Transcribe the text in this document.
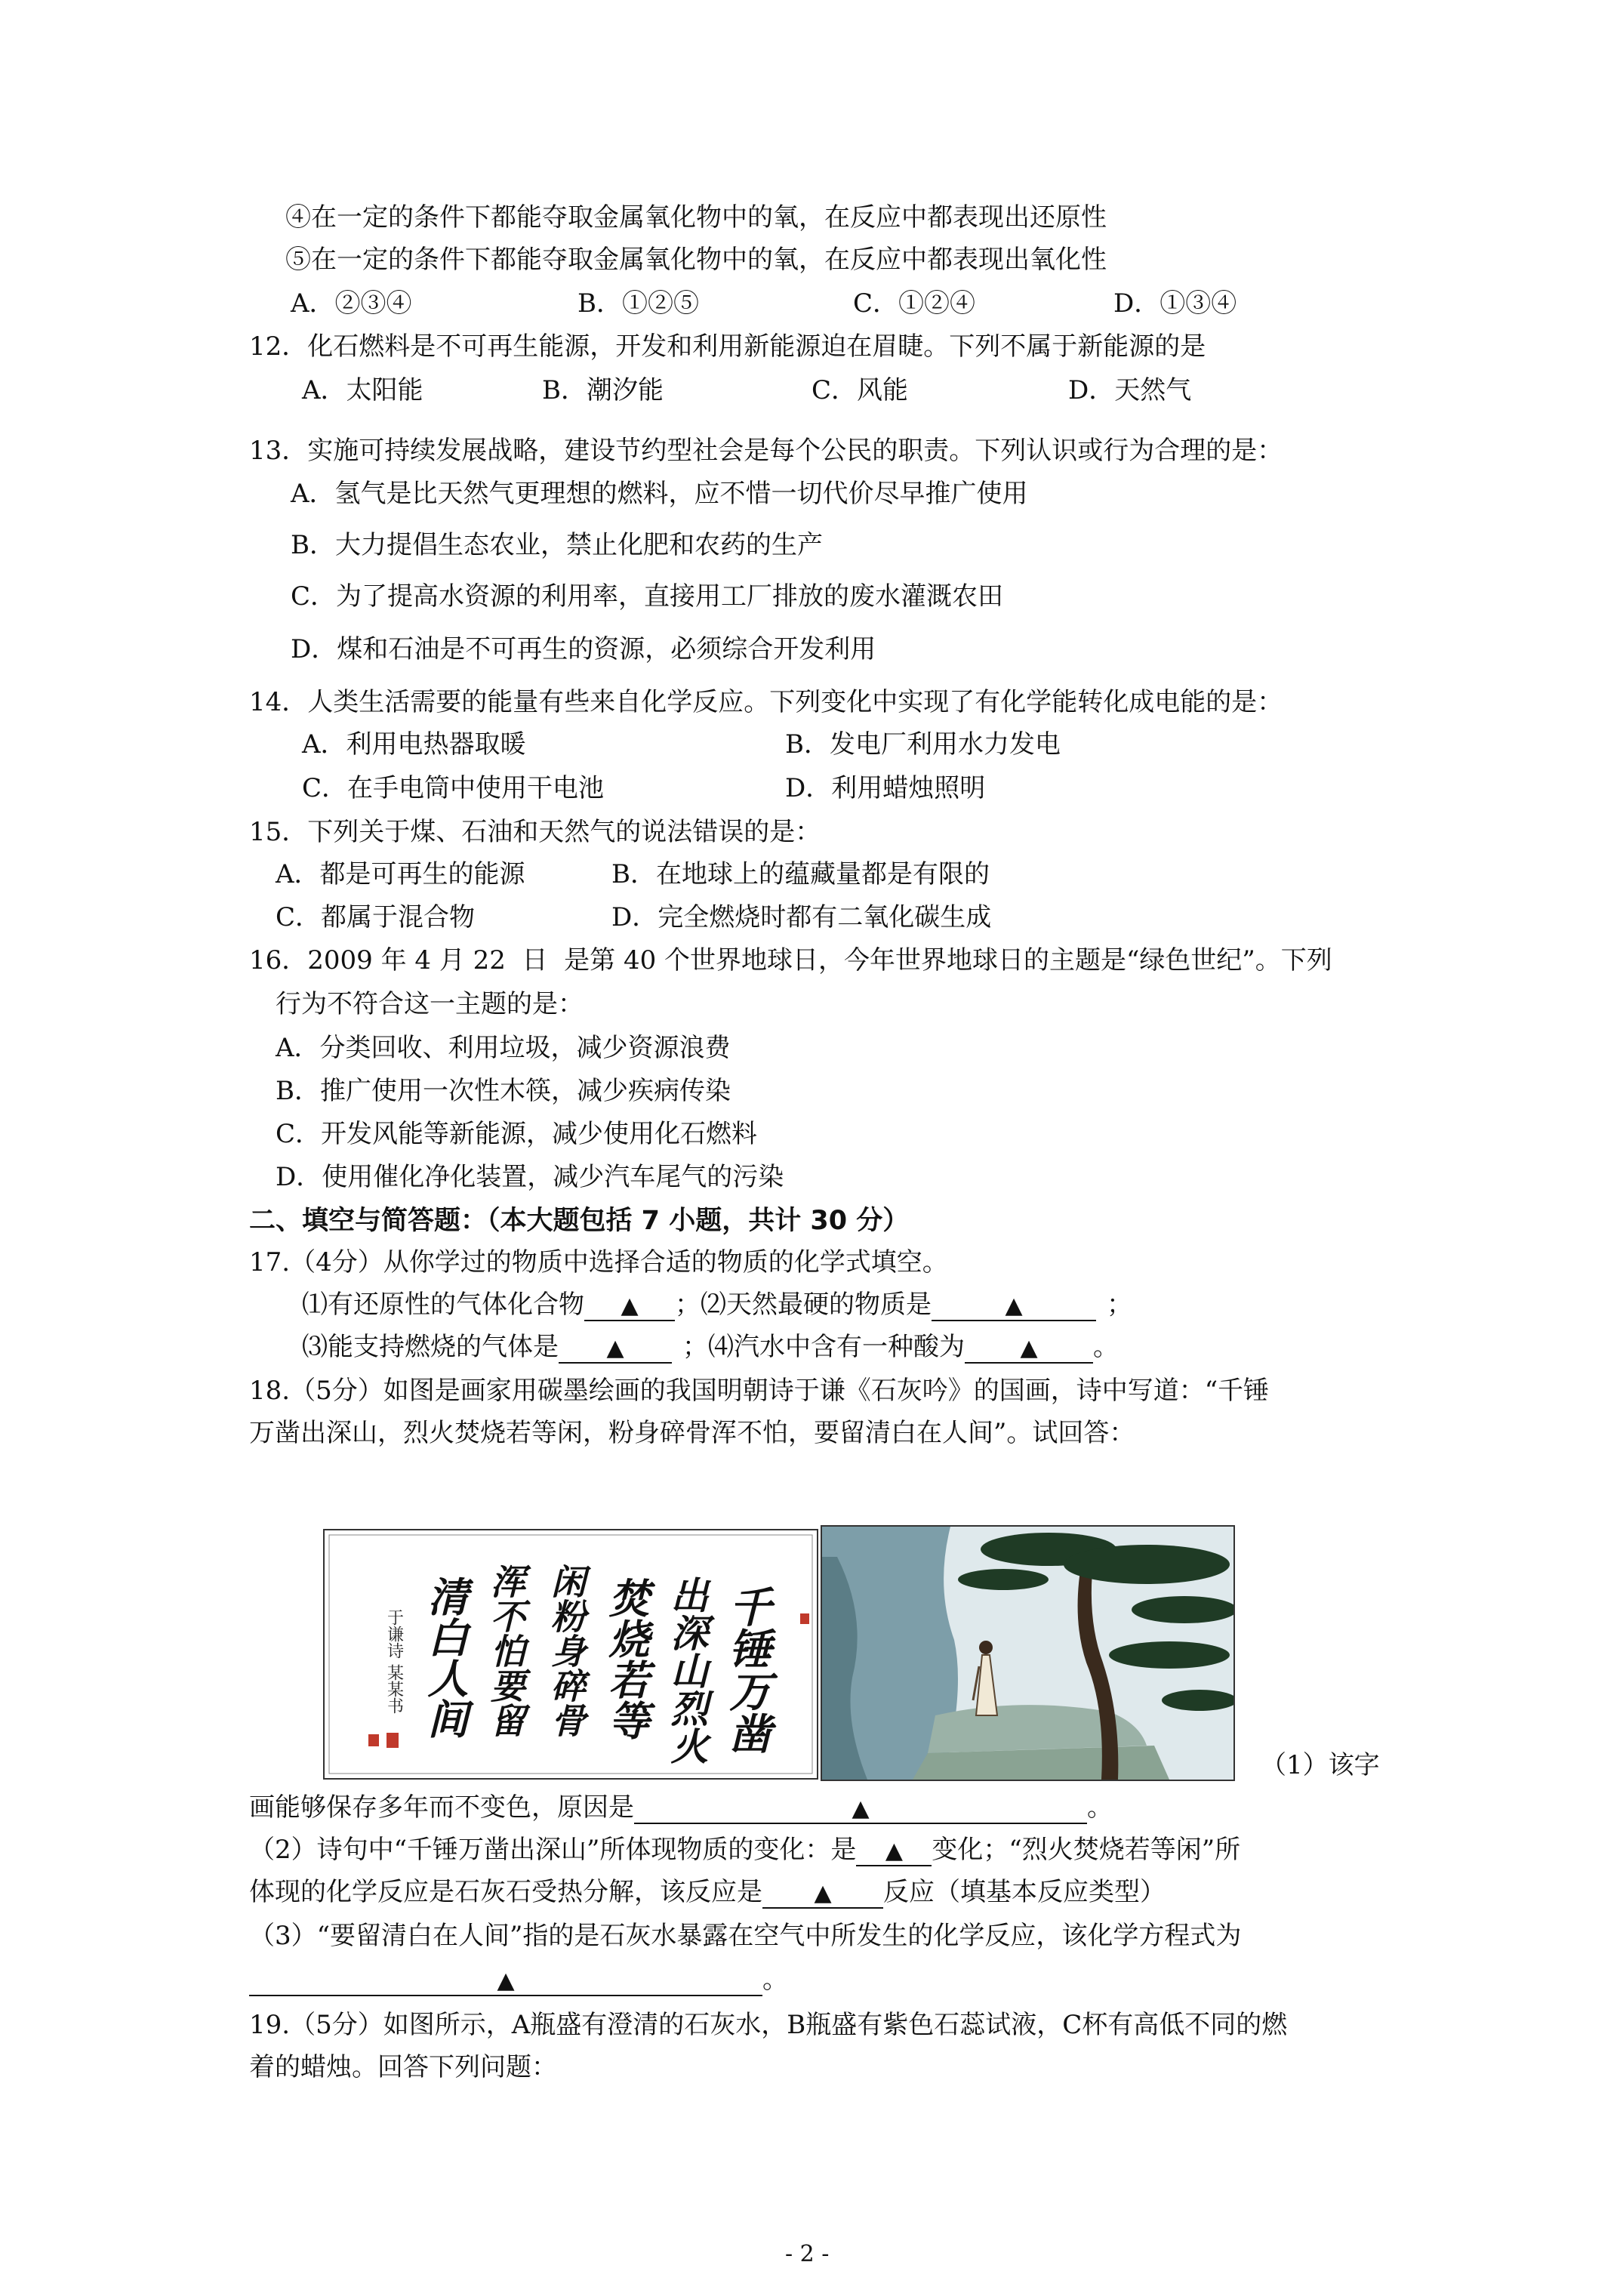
④在一定的条件下都能夺取金属氧化物中的氧，在反应中都表现出还原性
⑤在一定的条件下都能夺取金属氧化物中的氧，在反应中都表现出氧化性
A．②③④	B．①②⑤	C．①②④	D．①③④
12．化石燃料是不可再生能源，开发和利用新能源迫在眉睫。下列不属于新能源的是
A．太阳能	B．潮汐能	C．风能	D．天然气
13．实施可持续发展战略，建设节约型社会是每个公民的职责。下列认识或行为合理的是：
A．氢气是比天然气更理想的燃料，应不惜一切代价尽早推广使用
B．大力提倡生态农业，禁止化肥和农药的生产
C．为了提高水资源的利用率，直接用工厂排放的废水灌溉农田
D．煤和石油是不可再生的资源，必须综合开发利用
14．人类生活需要的能量有些来自化学反应。下列变化中实现了有化学能转化成电能的是：
A．利用电热器取暖	B．发电厂利用水力发电
C．在手电筒中使用干电池	D．利用蜡烛照明
15．下列关于煤、石油和天然气的说法错误的是：
A．都是可再生的能源	B．在地球上的蕴藏量都是有限的
C．都属于混合物	D．完全燃烧时都有二氧化碳生成
16．2009 年 4 月 22  日  是第 40 个世界地球日，今年世界地球日的主题是“绿色世纪”。下列
行为不符合这一主题的是：
A．分类回收、利用垃圾，减少资源浪费
B．推广使用一次性木筷，减少疾病传染
C．开发风能等新能源，减少使用化石燃料
D．使用催化净化装置，减少汽车尾气的污染
二、填空与简答题：（本大题包括 7 小题，共计 30 分）
17.（4分）从你学过的物质中选择合适的物质的化学式填空。
⑴有还原性的气体化合物 ▲ ；⑵天然最硬的物质是	▲	；
⑶能支持燃烧的气体是 ▲ ；⑷汽水中含有一种酸为 ▲ 。
18.（5分）如图是画家用碳墨绘画的我国明朝诗于谦《石灰吟》的国画，诗中写道：“千锤
万凿出深山，烈火焚烧若等闲，粉身碎骨浑不怕，要留清白在人间”。试回答：
千锤万凿
出深山烈火
焚烧若等
闲粉身碎骨
浑不怕要留
清白人间
于谦诗 某某书
（1）该字
画能够保存多年而不变色，原因是	▲	。
（2）诗句中“千锤万凿出深山”所体现物质的变化：是 ▲ 变化；“烈火焚烧若等闲”所
体现的化学反应是石灰石受热分解，该反应是 ▲ 反应（填基本反应类型）
（3）“要留清白在人间”指的是石灰水暴露在空气中所发生的化学反应，该化学方程式为
▲	。
19.（5分）如图所示，A瓶盛有澄清的石灰水，B瓶盛有紫色石蕊试液，C杯有高低不同的燃
着的蜡烛。回答下列问题：
- 2 -
